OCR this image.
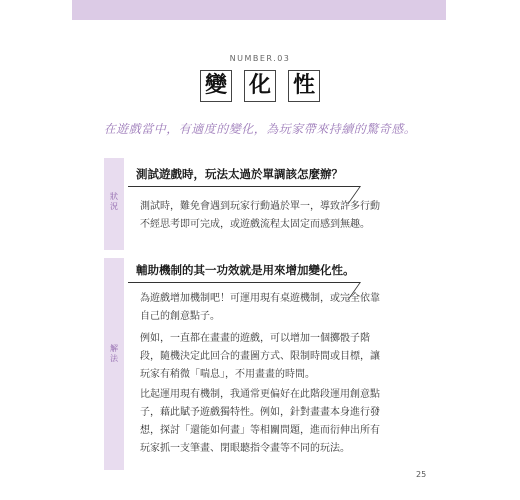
NUMBER.03
變 化 性
在遊戲當中，有適度的變化，為玩家帶來持續的驚奇感。
狀
況
測試遊戲時，玩法太過於單調該怎麼辦？
測試時，難免會遇到玩家行動過於單一，導致許多行動
不經思考即可完成，或遊戲流程太固定而感到無趣。
解
法
輔助機制的其一功效就是用來增加變化性。
為遊戲增加機制吧！可運用現有桌遊機制，或完全依靠
自己的創意點子。
例如，一直都在畫畫的遊戲，可以增加一個擲骰子階
段，隨機決定此回合的畫圖方式、限制時間或目標，讓
玩家有稍微「喘息」，不用畫畫的時間。
比起運用現有機制，我通常更偏好在此階段運用創意點
子，藉此賦予遊戲獨特性。例如，針對畫畫本身進行發
想，探討「還能如何畫」等相關問題，進而衍伸出所有
玩家抓一支筆畫、閉眼聽指令畫等不同的玩法。
25
